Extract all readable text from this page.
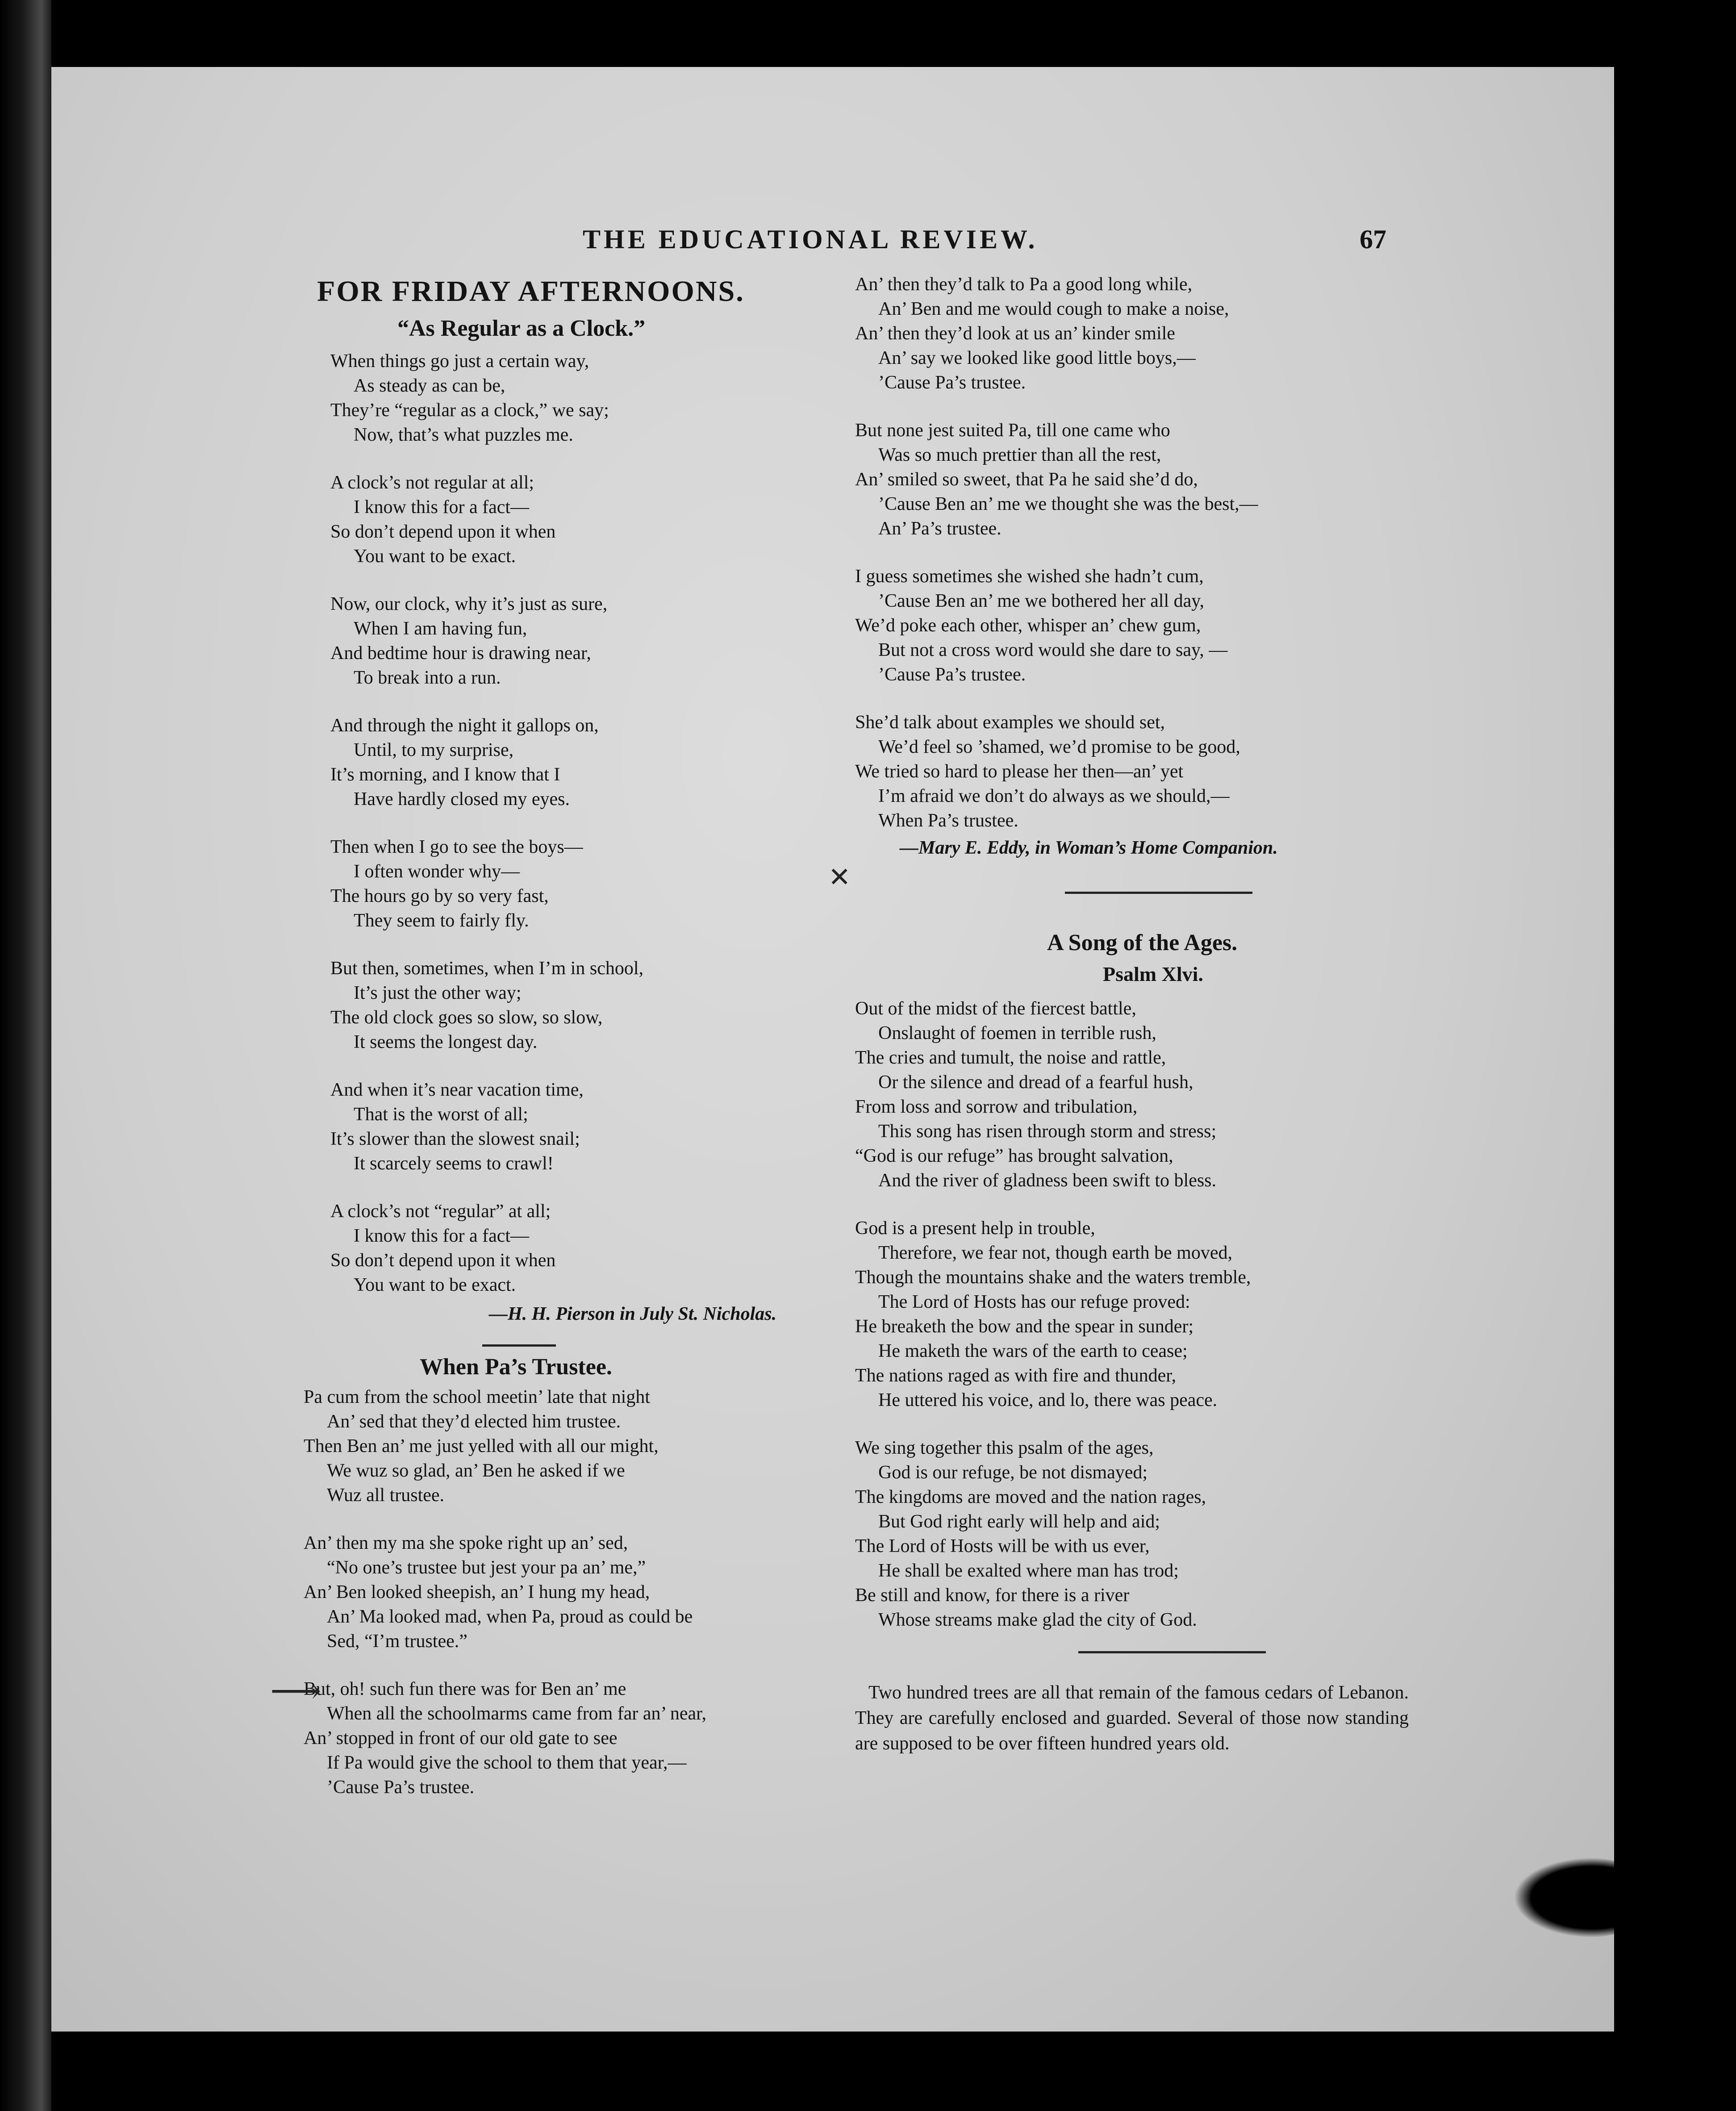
THE EDUCATIONAL REVIEW.	67
FOR FRIDAY AFTERNOONS.
“As Regular as a Clock.”
When things go just a certain way,
As steady as can be,
They’re “regular as a clock,” we say;
Now, that’s what puzzles me.
A clock’s not regular at all;
I know this for a fact—
So don’t depend upon it when
You want to be exact.
Now, our clock, why it’s just as sure,
When I am having fun,
And bedtime hour is drawing near,
To break into a run.
And through the night it gallops on,
Until, to my surprise,
It’s morning, and I know that I
Have hardly closed my eyes.
Then when I go to see the boys—
I often wonder why—
The hours go by so very fast,
They seem to fairly fly.
But then, sometimes, when I’m in school,
It’s just the other way;
The old clock goes so slow, so slow,
It seems the longest day.
And when it’s near vacation time,
That is the worst of all;
It’s slower than the slowest snail;
It scarcely seems to crawl!
A clock’s not “regular” at all;
I know this for a fact—
So don’t depend upon it when
You want to be exact.
—H. H. Pierson in July St. Nicholas.
When Pa’s Trustee.
Pa cum from the school meetin’ late that night
An’ sed that they’d elected him trustee.
Then Ben an’ me just yelled with all our might,
We wuz so glad, an’ Ben he asked if we
Wuz all trustee.
An’ then my ma she spoke right up an’ sed,
“No one’s trustee but jest your pa an’ me,”
An’ Ben looked sheepish, an’ I hung my head,
An’ Ma looked mad, when Pa, proud as could be
Sed, “I’m trustee.”
But, oh! such fun there was for Ben an’ me
When all the schoolmarms came from far an’ near,
An’ stopped in front of our old gate to see
If Pa would give the school to them that year,—
’Cause Pa’s trustee.
An’ then they’d talk to Pa a good long while,
An’ Ben and me would cough to make a noise,
An’ then they’d look at us an’ kinder smile
An’ say we looked like good little boys,—
’Cause Pa’s trustee.
But none jest suited Pa, till one came who
Was so much prettier than all the rest,
An’ smiled so sweet, that Pa he said she’d do,
’Cause Ben an’ me we thought she was the best,—
An’ Pa’s trustee.
I guess sometimes she wished she hadn’t cum,
’Cause Ben an’ me we bothered her all day,
We’d poke each other, whisper an’ chew gum,
But not a cross word would she dare to say, —
’Cause Pa’s trustee.
She’d talk about examples we should set,
We’d feel so ’shamed, we’d promise to be good,
We tried so hard to please her then—an’ yet
I’m afraid we don’t do always as we should,—
When Pa’s trustee.
—Mary E. Eddy, in Woman’s Home Companion.
A Song of the Ages.
Psalm Xlvi.
Out of the midst of the fiercest battle,
Onslaught of foemen in terrible rush,
The cries and tumult, the noise and rattle,
Or the silence and dread of a fearful hush,
From loss and sorrow and tribulation,
This song has risen through storm and stress;
“God is our refuge” has brought salvation,
And the river of gladness been swift to bless.
God is a present help in trouble,
Therefore, we fear not, though earth be moved,
Though the mountains shake and the waters tremble,
The Lord of Hosts has our refuge proved:
He breaketh the bow and the spear in sunder;
He maketh the wars of the earth to cease;
The nations raged as with fire and thunder,
He uttered his voice, and lo, there was peace.
We sing together this psalm of the ages,
God is our refuge, be not dismayed;
The kingdoms are moved and the nation rages,
But God right early will help and aid;
The Lord of Hosts will be with us ever,
He shall be exalted where man has trod;
Be still and know, for there is a river
Whose streams make glad the city of God.

Two hundred trees are all that remain of the famous cedars of Lebanon. They are carefully enclosed and guarded. Several of those now standing are supposed to be over fifteen hundred years old.

✕
⟶
